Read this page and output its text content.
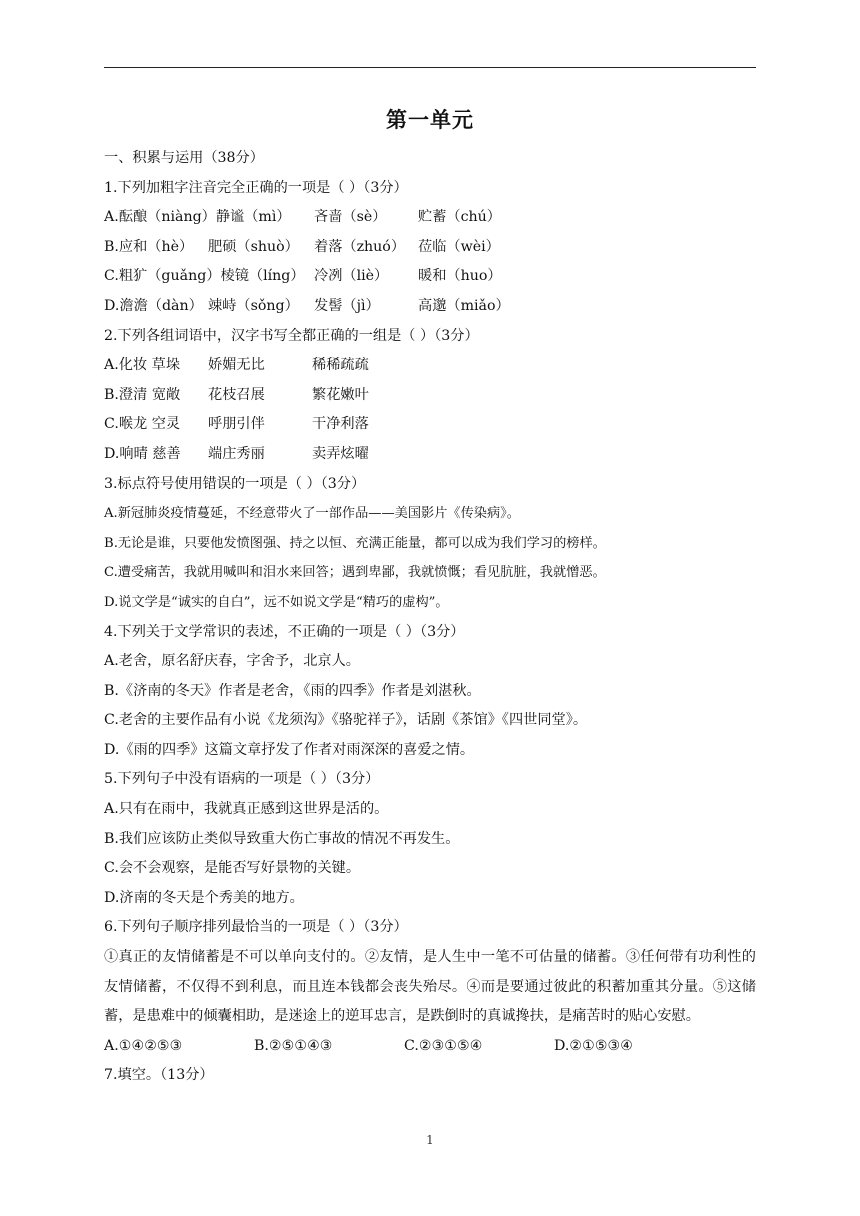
第一单元
一、积累与运用（38分）
1.下列加粗字注音完全正确的一项是（ ）（3分）
A.酝酿（niàng）静谧（mì）	吝啬（sè）	贮蓄（chú）
B.应和（hè）	肥硕（shuò）	着落（zhuó） 莅临（wèi）
C.粗犷（guǎng）棱镜（líng） 冷冽（liè）	暖和（huo）
D.澹澹（dàn） 竦峙（sǒng）	发髻（jì）	高邈（miǎo）
2.下列各组词语中，汉字书写全都正确的一组是（ ）（3分）
A.化妆 草垛	娇媚无比	稀稀疏疏
B.澄清 宽敞	花枝召展	繁花嫩叶
C.喉龙 空灵	呼朋引伴	干净利落
D.响晴 慈善	端庄秀丽	卖弄炫曜
3.标点符号使用错误的一项是（ ）（3分）
A.新冠肺炎疫情蔓延，不经意带火了一部作品——美国影片《传染病》。
B.无论是谁，只要他发愤图强、持之以恒、充满正能量，都可以成为我们学习的榜样。
C.遭受痛苦，我就用喊叫和泪水来回答；遇到卑鄙，我就愤慨；看见肮脏，我就憎恶。
D.说文学是“诚实的自白”，远不如说文学是“精巧的虚构”。
4.下列关于文学常识的表述，不正确的一项是（ ）（3分）
A.老舍，原名舒庆春，字舍予，北京人。
B.《济南的冬天》作者是老舍，《雨的四季》作者是刘湛秋。
C.老舍的主要作品有小说《龙须沟》《骆驼祥子》，话剧《茶馆》《四世同堂》。
D.《雨的四季》这篇文章抒发了作者对雨深深的喜爱之情。
5.下列句子中没有语病的一项是（ ）（3分）
A.只有在雨中，我就真正感到这世界是活的。
B.我们应该防止类似导致重大伤亡事故的情况不再发生。
C.会不会观察，是能否写好景物的关键。
D.济南的冬天是个秀美的地方。
6.下列句子顺序排列最恰当的一项是（ ）（3分）
①真正的友情储蓄是不可以单向支付的。②友情，是人生中一笔不可估量的储蓄。③任何带有功利性的友情储蓄，不仅得不到利息，而且连本钱都会丧失殆尽。④而是要通过彼此的积蓄加重其分量。⑤这储蓄，是患难中的倾囊相助，是迷途上的逆耳忠言，是跌倒时的真诚搀扶，是痛苦时的贴心安慰。
A.①④②⑤③	B.②⑤①④③	C.②③①⑤④	D.②①⑤③④
7.填空。（13分）
1
